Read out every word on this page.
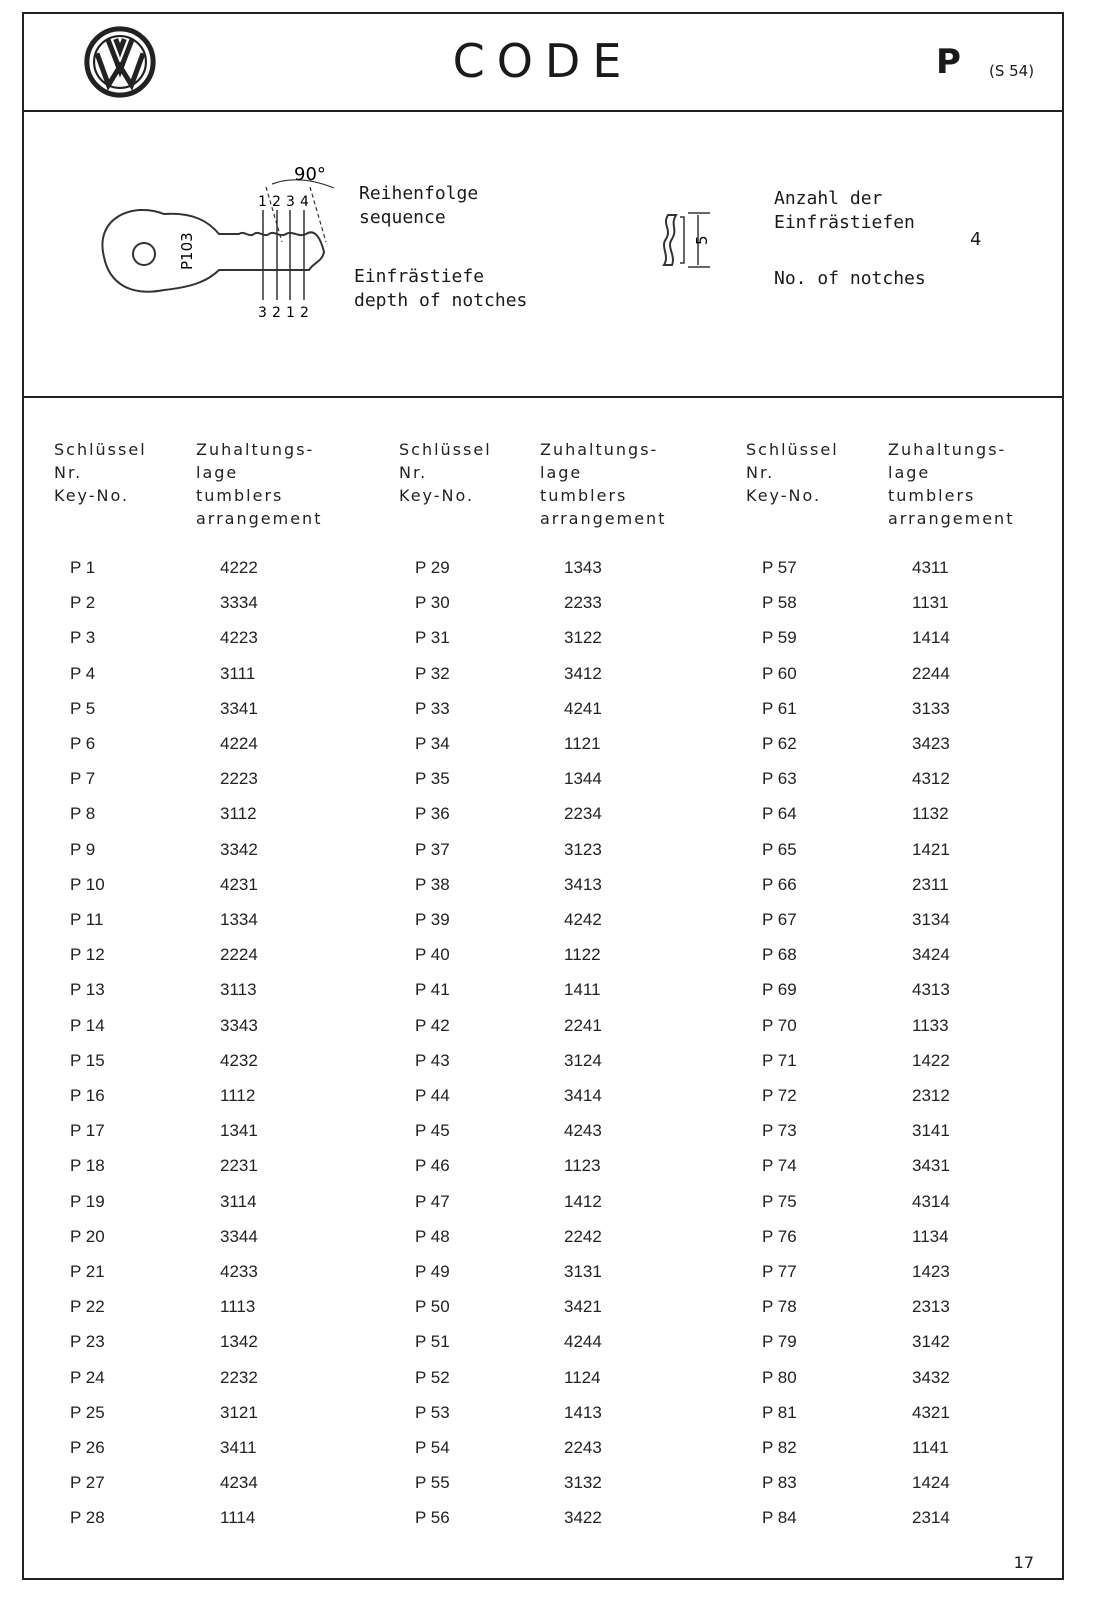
CODE	P (S 54)
P103
90°
1 2 3 4
3 2 1 2
Reihenfolge
sequence
Einfrästiefe
depth of notches
5
Anzahl der
Einfrästiefen
4
No. of notches
Schlüssel
Nr.
Key-No.
Zuhaltungs-
lage
tumblers
arrangement
P 1	4222
P 2	3334
P 3	4223
P 4	3111
P 5	3341
P 6	4224
P 7	2223
P 8	3112
P 9	3342
P 10	4231
P 11	1334
P 12	2224
P 13	3113
P 14	3343
P 15	4232
P 16	1112
P 17	1341
P 18	2231
P 19	3114
P 20	3344
P 21	4233
P 22	1113
P 23	1342
P 24	2232
P 25	3121
P 26	3411
P 27	4234
P 28	1114
Schlüssel
Nr.
Key-No.
Zuhaltungs-
lage
tumblers
arrangement
P 29	1343
P 30	2233
P 31	3122
P 32	3412
P 33	4241
P 34	1121
P 35	1344
P 36	2234
P 37	3123
P 38	3413
P 39	4242
P 40	1122
P 41	1411
P 42	2241
P 43	3124
P 44	3414
P 45	4243
P 46	1123
P 47	1412
P 48	2242
P 49	3131
P 50	3421
P 51	4244
P 52	1124
P 53	1413
P 54	2243
P 55	3132
P 56	3422
Schlüssel
Nr.
Key-No.
Zuhaltungs-
lage
tumblers
arrangement
P 57	4311
P 58	1131
P 59	1414
P 60	2244
P 61	3133
P 62	3423
P 63	4312
P 64	1132
P 65	1421
P 66	2311
P 67	3134
P 68	3424
P 69	4313
P 70	1133
P 71	1422
P 72	2312
P 73	3141
P 74	3431
P 75	4314
P 76	1134
P 77	1423
P 78	2313
P 79	3142
P 80	3432
P 81	4321
P 82	1141
P 83	1424
P 84	2314
17
